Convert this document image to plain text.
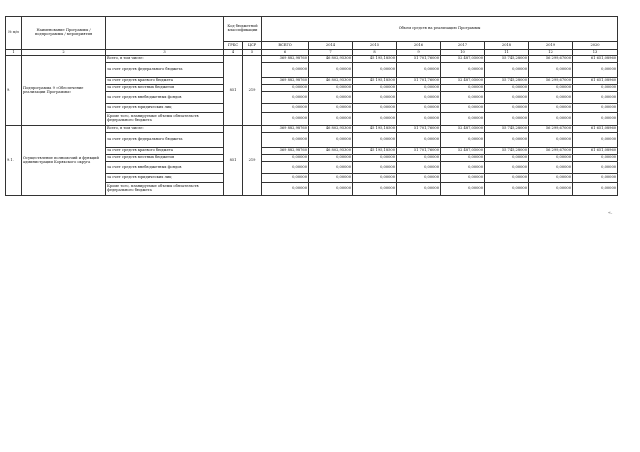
№ п/п	Наименование Программы / подпрограммы / мероприятия		Код бюджетной классификации		Объем средств на реализацию Программы							
			ГРБС	ЦСР	ВСЕГО	2014	2015	2016	2017	2018	2019	2020
1	2	3	4	5	6	7	8	9	10	11	12	13
9.	Подпрограмма 9 «Обеспечение реализации Программы»	Всего, в том числе:	851	219	369 882,98760	46 802,95300	45 195,18500	51 701,76000	52 487,05000	55 745,28000	56 299,67000	61 651,08960
		за счет средств федерального бюджета			0,00000	0,00000	0,00000	0,00000	0,00000	0,00000	0,00000	0,00000
		за счет средств краевого бюджета			369 882,98760	46 802,95300	45 195,18500	51 701,76000	52 487,05000	55 745,28000	56 299,67000	61 651,08960
		за счет средств местных бюджетов			0,00000	0,00000	0,00000	0,00000	0,00000	0,00000	0,00000	0,00000
		за счет средств внебюджетных фондов			0,00000	0,00000	0,00000	0,00000	0,00000	0,00000	0,00000	0,00000
		за счет средств юридических лиц			0,00000	0,00000	0,00000	0,00000	0,00000	0,00000	0,00000	0,00000
		Кроме того, планируемые объемы обязательств федерального бюджета			0,00000	0,00000	0,00000	0,00000	0,00000	0,00000	0,00000	0,00000
9.1.	Осуществление полномочий и функций администрации Корякского округа	Всего, в том числе:	851	219	369 882,98760	46 802,95300	45 195,18500	51 701,76000	52 487,05000	55 745,28000	56 299,67000	61 651,08960
		за счет средств федерального бюджета			0,00000	0,00000	0,00000	0,00000	0,00000	0,00000	0,00000	0,00000
		за счет средств краевого бюджета			369 882,98760	46 802,95300	45 195,18500	51 701,76000	52 487,05000	55 745,28000	56 299,67000	61 651,08960
		за счет средств местных бюджетов			0,00000	0,00000	0,00000	0,00000	0,00000	0,00000	0,00000	0,00000
		за счет средств внебюджетных фондов			0,00000	0,00000	0,00000	0,00000	0,00000	0,00000	0,00000	0,00000
		за счет средств юридических лиц			0,00000	0,00000	0,00000	0,00000	0,00000	0,00000	0,00000	0,00000
		Кроме того, планируемые объемы обязательств федерального бюджета			0,00000	0,00000	0,00000	0,00000	0,00000	0,00000	0,00000	0,00000
«.
